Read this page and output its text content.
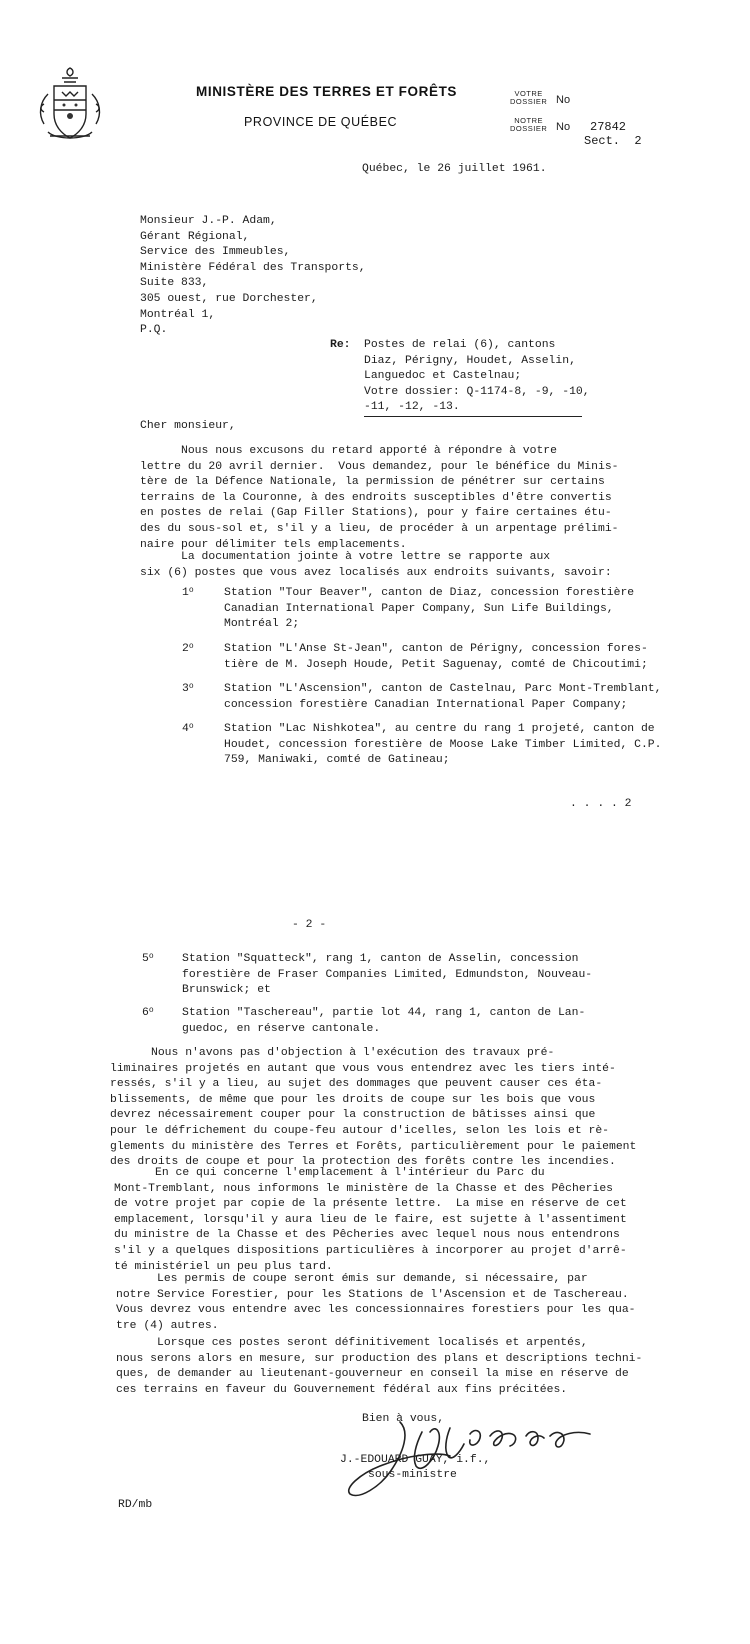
MINISTÈRE DES TERRES ET FORÊTS
PROVINCE DE QUÉBEC
VOTRE
DOSSIER No
NOTRE
DOSSIER No 27842
Sect.  2
Québec, le 26 juillet 1961.
Monsieur J.-P. Adam,
Gérant Régional,
Service des Immeubles,
Ministère Fédéral des Transports,
Suite 833,
305 ouest, rue Dorchester,
Montréal 1,
P.Q.
Re: Postes de relai (6), cantons
Diaz, Périgny, Houdet, Asselin,
Languedoc et Castelnau;
Votre dossier: Q-1174-8, -9, -10,
-11, -12, -13.
Cher monsieur,
Nous nous excusons du retard apporté à répondre à votre
lettre du 20 avril dernier.  Vous demandez, pour le bénéfice du Minis-
tère de la Défence Nationale, la permission de pénétrer sur certains
terrains de la Couronne, à des endroits susceptibles d'être convertis
en postes de relai (Gap Filler Stations), pour y faire certaines étu-
des du sous-sol et, s'il y a lieu, de procéder à un arpentage prélimi-
naire pour délimiter tels emplacements.
La documentation jointe à votre lettre se rapporte aux
six (6) postes que vous avez localisés aux endroits suivants, savoir:
1$^o$	Station "Tour Beaver", canton de Diaz, concession forestière
Canadian International Paper Company, Sun Life Buildings,
Montréal 2;
2$^o$	Station "L'Anse St-Jean", canton de Périgny, concession fores-
tière de M. Joseph Houde, Petit Saguenay, comté de Chicoutimi;
3$^o$	Station "L'Ascension", canton de Castelnau, Parc Mont-Tremblant,
concession forestière Canadian International Paper Company;
4$^o$	Station "Lac Nishkotea", au centre du rang 1 projeté, canton de
Houdet, concession forestière de Moose Lake Timber Limited, C.P.
759, Maniwaki, comté de Gatineau;
. . . . 2
- 2 -
5$^o$ Station "Squatteck", rang 1, canton de Asselin, concession
forestière de Fraser Companies Limited, Edmundston, Nouveau-
Brunswick; et
6$^o$ Station "Taschereau", partie lot 44, rang 1, canton de Lan-
guedoc, en réserve cantonale.
Nous n'avons pas d'objection à l'exécution des travaux pré-
liminaires projetés en autant que vous vous entendrez avec les tiers inté-
ressés, s'il y a lieu, au sujet des dommages que peuvent causer ces éta-
blissements, de même que pour les droits de coupe sur les bois que vous
devrez nécessairement couper pour la construction de bâtisses ainsi que
pour le défrichement du coupe-feu autour d'icelles, selon les lois et rè-
glements du ministère des Terres et Forêts, particulièrement pour le paiement
des droits de coupe et pour la protection des forêts contre les incendies.
En ce qui concerne l'emplacement à l'intérieur du Parc du
Mont-Tremblant, nous informons le ministère de la Chasse et des Pêcheries
de votre projet par copie de la présente lettre.  La mise en réserve de cet
emplacement, lorsqu'il y aura lieu de le faire, est sujette à l'assentiment
du ministre de la Chasse et des Pêcheries avec lequel nous nous entendrons
s'il y a quelques dispositions particulières à incorporer au projet d'arrê-
té ministériel un peu plus tard.
Les permis de coupe seront émis sur demande, si nécessaire, par
notre Service Forestier, pour les Stations de l'Ascension et de Taschereau.
Vous devrez vous entendre avec les concessionnaires forestiers pour les qua-
tre (4) autres.
Lorsque ces postes seront définitivement localisés et arpentés,
nous serons alors en mesure, sur production des plans et descriptions techni-
ques, de demander au lieutenant-gouverneur en conseil la mise en réserve de
ces terrains en faveur du Gouvernement fédéral aux fins précitées.
Bien à vous,
J.-EDOUARD GUAY, i.f.,
sous-ministre
RD/mb
